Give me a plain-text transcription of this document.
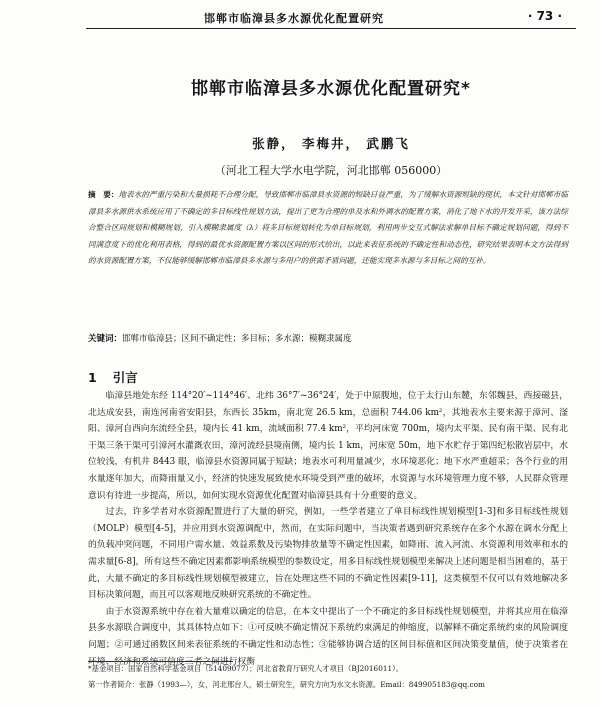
邯郸市临漳县多水源优化配置研究	· 73 ·
邯郸市临漳县多水源优化配置研究*
张静， 李梅井， 武鹏飞
（河北工程大学水电学院，河北邯郸 056000）
摘　要：地表水的严重污染和大量损耗不合理分配，导致邯郸市临漳县水资源的短缺日益严重，为了缓解水资源短缺的现状，本文针对邯郸市临漳县多水源供水系统应用了不确定的多目标线性规划方法，提出了更为合理的单及水和外调水的配置方案，消化了地下水的开发开采，该方法综合整合区间规划和模糊规划，引入模糊隶属度（λ）将多目标规划转化为单目标规划，利用两步交互式解法求解单目标不确定规划问题，得到不同满意度下的优化利用表格，得到的最优水资源配置方案以区间的形式给出，以此来表征系统的不确定性和动态性，研究结果表明本文方法得到的水资源配置方案，不仅能够缓解邯郸市临漳县多水源与多用户的供需矛盾问题，还能实现多水源与多目标之间的互补。
关键词：邯郸市临漳县；区间不确定性；多目标；多水源；模糊隶属度
1 引言

临漳县地处东经 114°20′~114°46′、北纬 36°7′~36°24′，处于中原腹地，位于太行山东麓，东邻魏县，西接磁县，北达成安县，南连河南省安阳县，东西长 35km，南北宽 26.5 km，总面积 744.06 km²，其地表水主要来源于漳河、滏阳、漳河自西向东流经全县，境内长 41 km，流域面积 77.4 km²，平均河床宽 700m，境内太平渠、民有南干渠、民有北干渠三条干渠可引漳河水灌溉农田，漳河流经县境南侧，境内长 1 km，河床宽 50m，地下水贮存于第四纪松散岩层中，水位较浅，有机井 8443 眼，临漳县水资源同属于短缺；地表水可利用量减少，水环境恶化；地下水严重超采；各个行业的用水量逐年加大，而降雨量又小，经济的快速发展致使水环境受到严重的破坏，水资源与水环境管理力度不够，人民群众管理意识有待进一步提高，所以，如何实现水资源优化配置对临漳县具有十分重要的意义。

过去，许多学者对水资源配置进行了大量的研究，例如，一些学者建立了单目标线性规划模型[1-3]和多目标线性规划（MOLP）模型[4-5]，并应用到水资源调配中，然而，在实际问题中，当决策者遇到研究系统存在多个水源在调水分配上的负载冲突问题，不同用户需水量、效益系数及污染物排放量等不确定性因素，如降雨、流入河流、水资源利用效率和水的需求量[6-8]，所有这些不确定因素都影响系统模型的参数设定，用多目标线性规划模型来解决上述问题是相当困难的，基于此，大量不确定的多目标线性规划模型被建立，旨在处理这些不同的不确定性因素[9-11]，这类模型不仅可以有效地解决多目标决策问题，而且可以客观地反映研究系统的不确定性。

由于水资源系统中存在着大量难以确定的信息，在本文中提出了一个不确定的多目标线性规划模型，并将其应用在临漳县多水源联合调度中，其具体特点如下：①可反映不确定情况下系统约束满足的伸缩度，以解释不确定系统约束的风险调度问题；②可通过函数区间来表征系统的不确定性和动态性；③能够协调合适的区间目标值和区间决策变量值，使于决策者在环境、经济和系统可信度三者之间进行权衡

*基金项目：国家自然科学基金项目（51409077）；河北省教育厅研究人才项目（BJ2016011）。
第一作者简介：张静（1993—），女，河北邢台人，硕士研究生，研究方向为水文水资源。Email：849905183@qq.com
